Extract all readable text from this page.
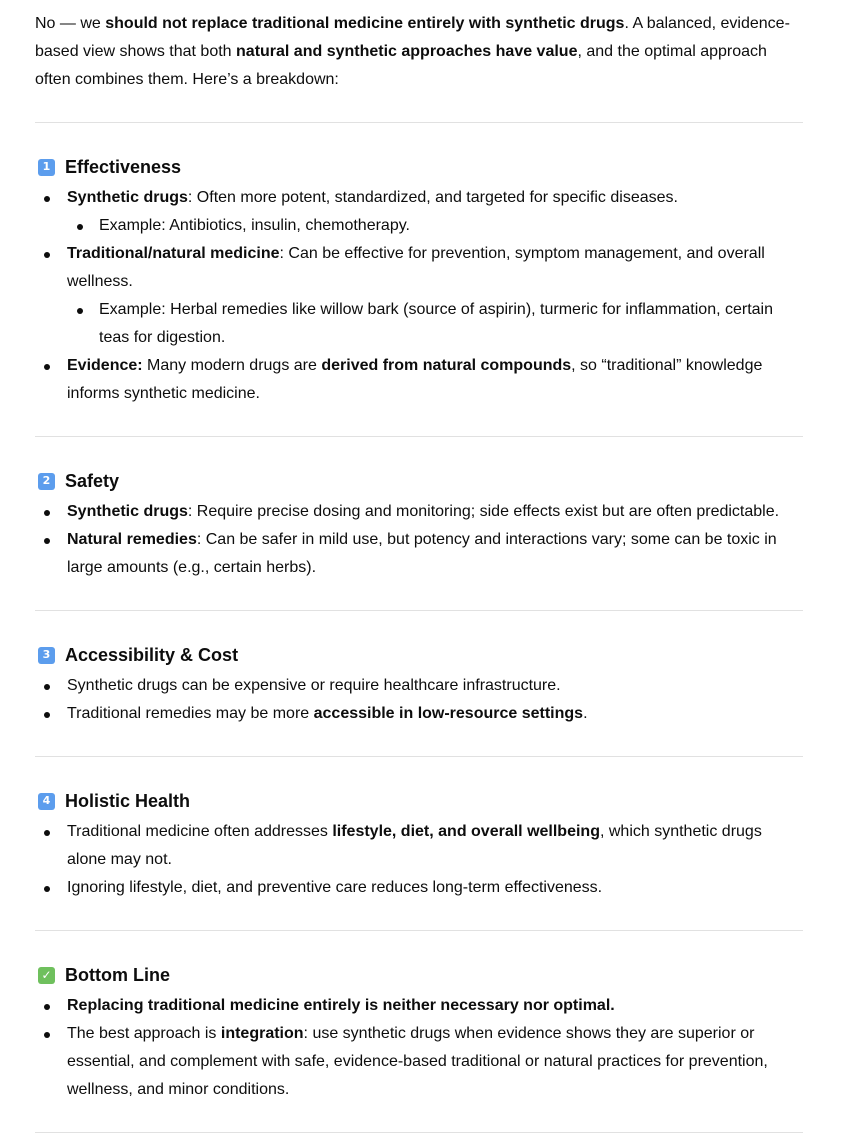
No — we should not replace traditional medicine entirely with synthetic drugs. A balanced, evidence-based view shows that both natural and synthetic approaches have value, and the optimal approach often combines them. Here’s a breakdown:

1 Effectiveness
Synthetic drugs: Often more potent, standardized, and targeted for specific diseases.
Example: Antibiotics, insulin, chemotherapy.
Traditional/natural medicine: Can be effective for prevention, symptom management, and overall wellness.
Example: Herbal remedies like willow bark (source of aspirin), turmeric for inflammation, certain teas for digestion.
Evidence: Many modern drugs are derived from natural compounds, so “traditional” knowledge informs synthetic medicine.
2 Safety
Synthetic drugs: Require precise dosing and monitoring; side effects exist but are often predictable.
Natural remedies: Can be safer in mild use, but potency and interactions vary; some can be toxic in large amounts (e.g., certain herbs).
3 Accessibility & Cost
Synthetic drugs can be expensive or require healthcare infrastructure.
Traditional remedies may be more accessible in low-resource settings.
4 Holistic Health
Traditional medicine often addresses lifestyle, diet, and overall wellbeing, which synthetic drugs alone may not.
Ignoring lifestyle, diet, and preventive care reduces long-term effectiveness.
✓ Bottom Line
Replacing traditional medicine entirely is neither necessary nor optimal.
The best approach is integration: use synthetic drugs when evidence shows they are superior or essential, and complement with safe, evidence-based traditional or natural practices for prevention, wellness, and minor conditions.
